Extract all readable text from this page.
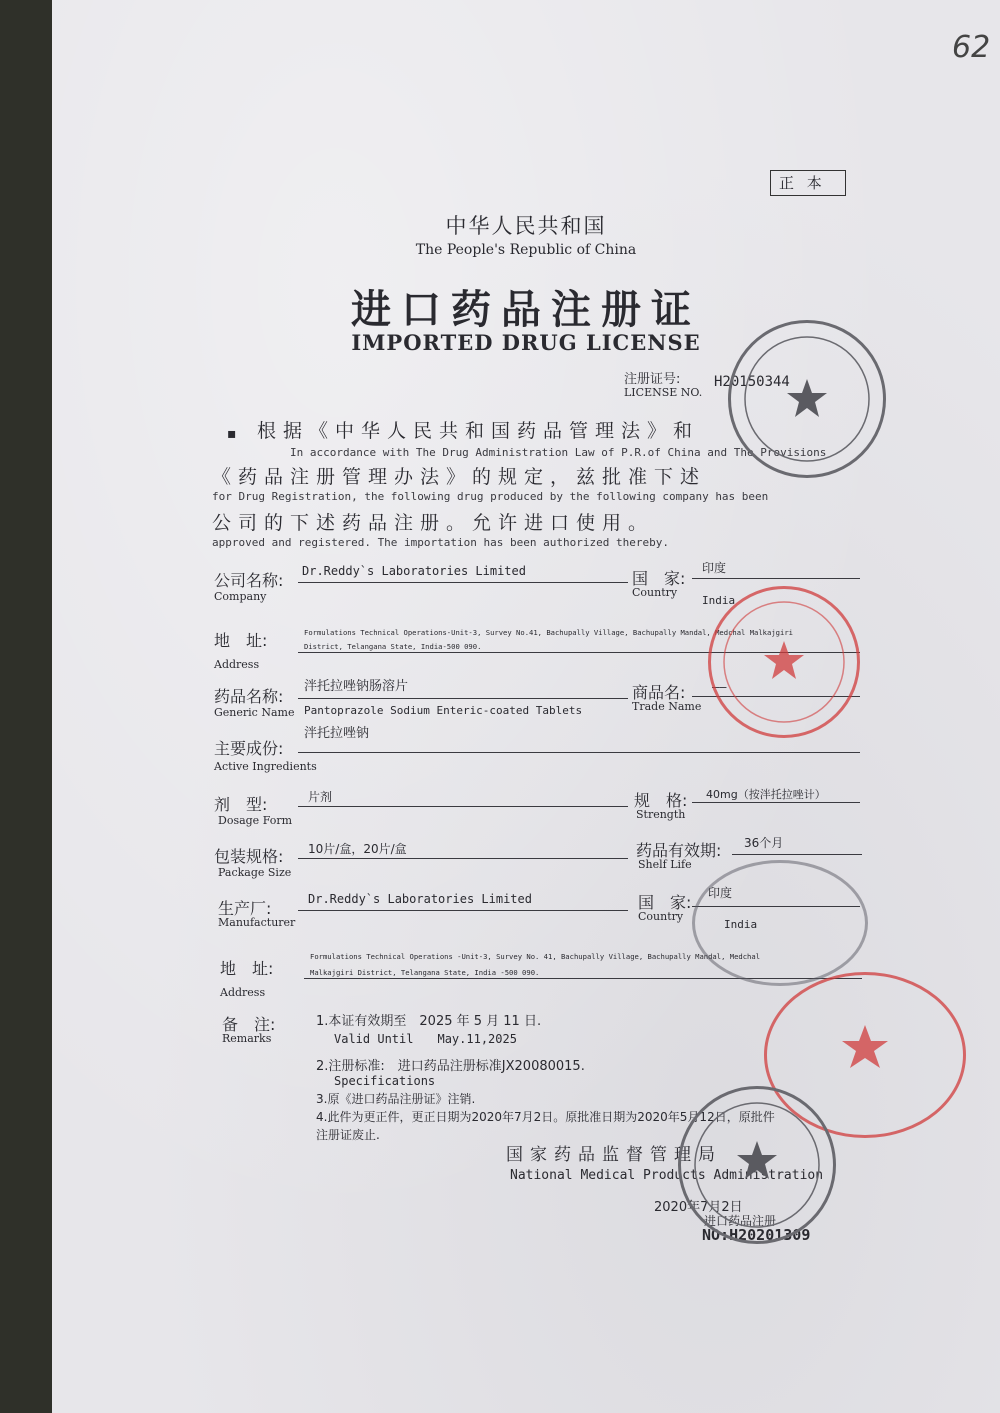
62
正 本
中华人民共和国
The People's Republic of China
进口药品注册证
IMPORTED DRUG LICENSE
注册证号:
LICENSE NO.
H20150344
▪ 根据《中华人民共和国药品管理法》和
In accordance with The Drug Administration Law of P.R.of China and The Provisions
《药品注册管理办法》的规定，兹批准下述
for Drug Registration, the following drug produced by the following company has been
公司的下述药品注册。允许进口使用。
approved and registered. The importation has been authorized thereby.
公司名称:
Company
Dr.Reddy`s Laboratories Limited	国　家:
Country
印度
India
地　址:
Address
Formulations Technical Operations-Unit-3, Survey No.41, Bachupally Village, Bachupally Mandal, Medchal Malkajgiri
District, Telangana State, India-500 090.
药品名称:
Generic Name
泮托拉唑钠肠溶片
Pantoprazole Sodium Enteric-coated Tablets
商品名:
Trade Name
——
主要成份:
Active Ingredients
泮托拉唑钠
剂　型:
Dosage Form
片剂	规　格:
Strength
40mg（按泮托拉唑计）
包装规格:
Package Size
10片/盒，20片/盒	药品有效期:
Shelf Life
36个月
生产厂:
Manufacturer
Dr.Reddy`s Laboratories Limited	国　家:
Country
印度
India
地　址:
Address
Formulations Technical Operations -Unit-3, Survey No. 41, Bachupally Village, Bachupally Mandal, Medchal
Malkajgiri District, Telangana State, India -500 090.
备　注:
Remarks
1.本证有效期至　2025 年 5 月 11 日.
Valid Until　　May.11,2025
2.注册标准:　进口药品注册标准JX20080015.
Specifications
3.原《进口药品注册证》注销.
4.此件为更正件，更正日期为2020年7月2日。原批准日期为2020年5月12日，原批件
注册证废止.
国家药品监督管理局
National Medical Products Administration
2020年7月2日
进口药品注册
NO:H20201309
